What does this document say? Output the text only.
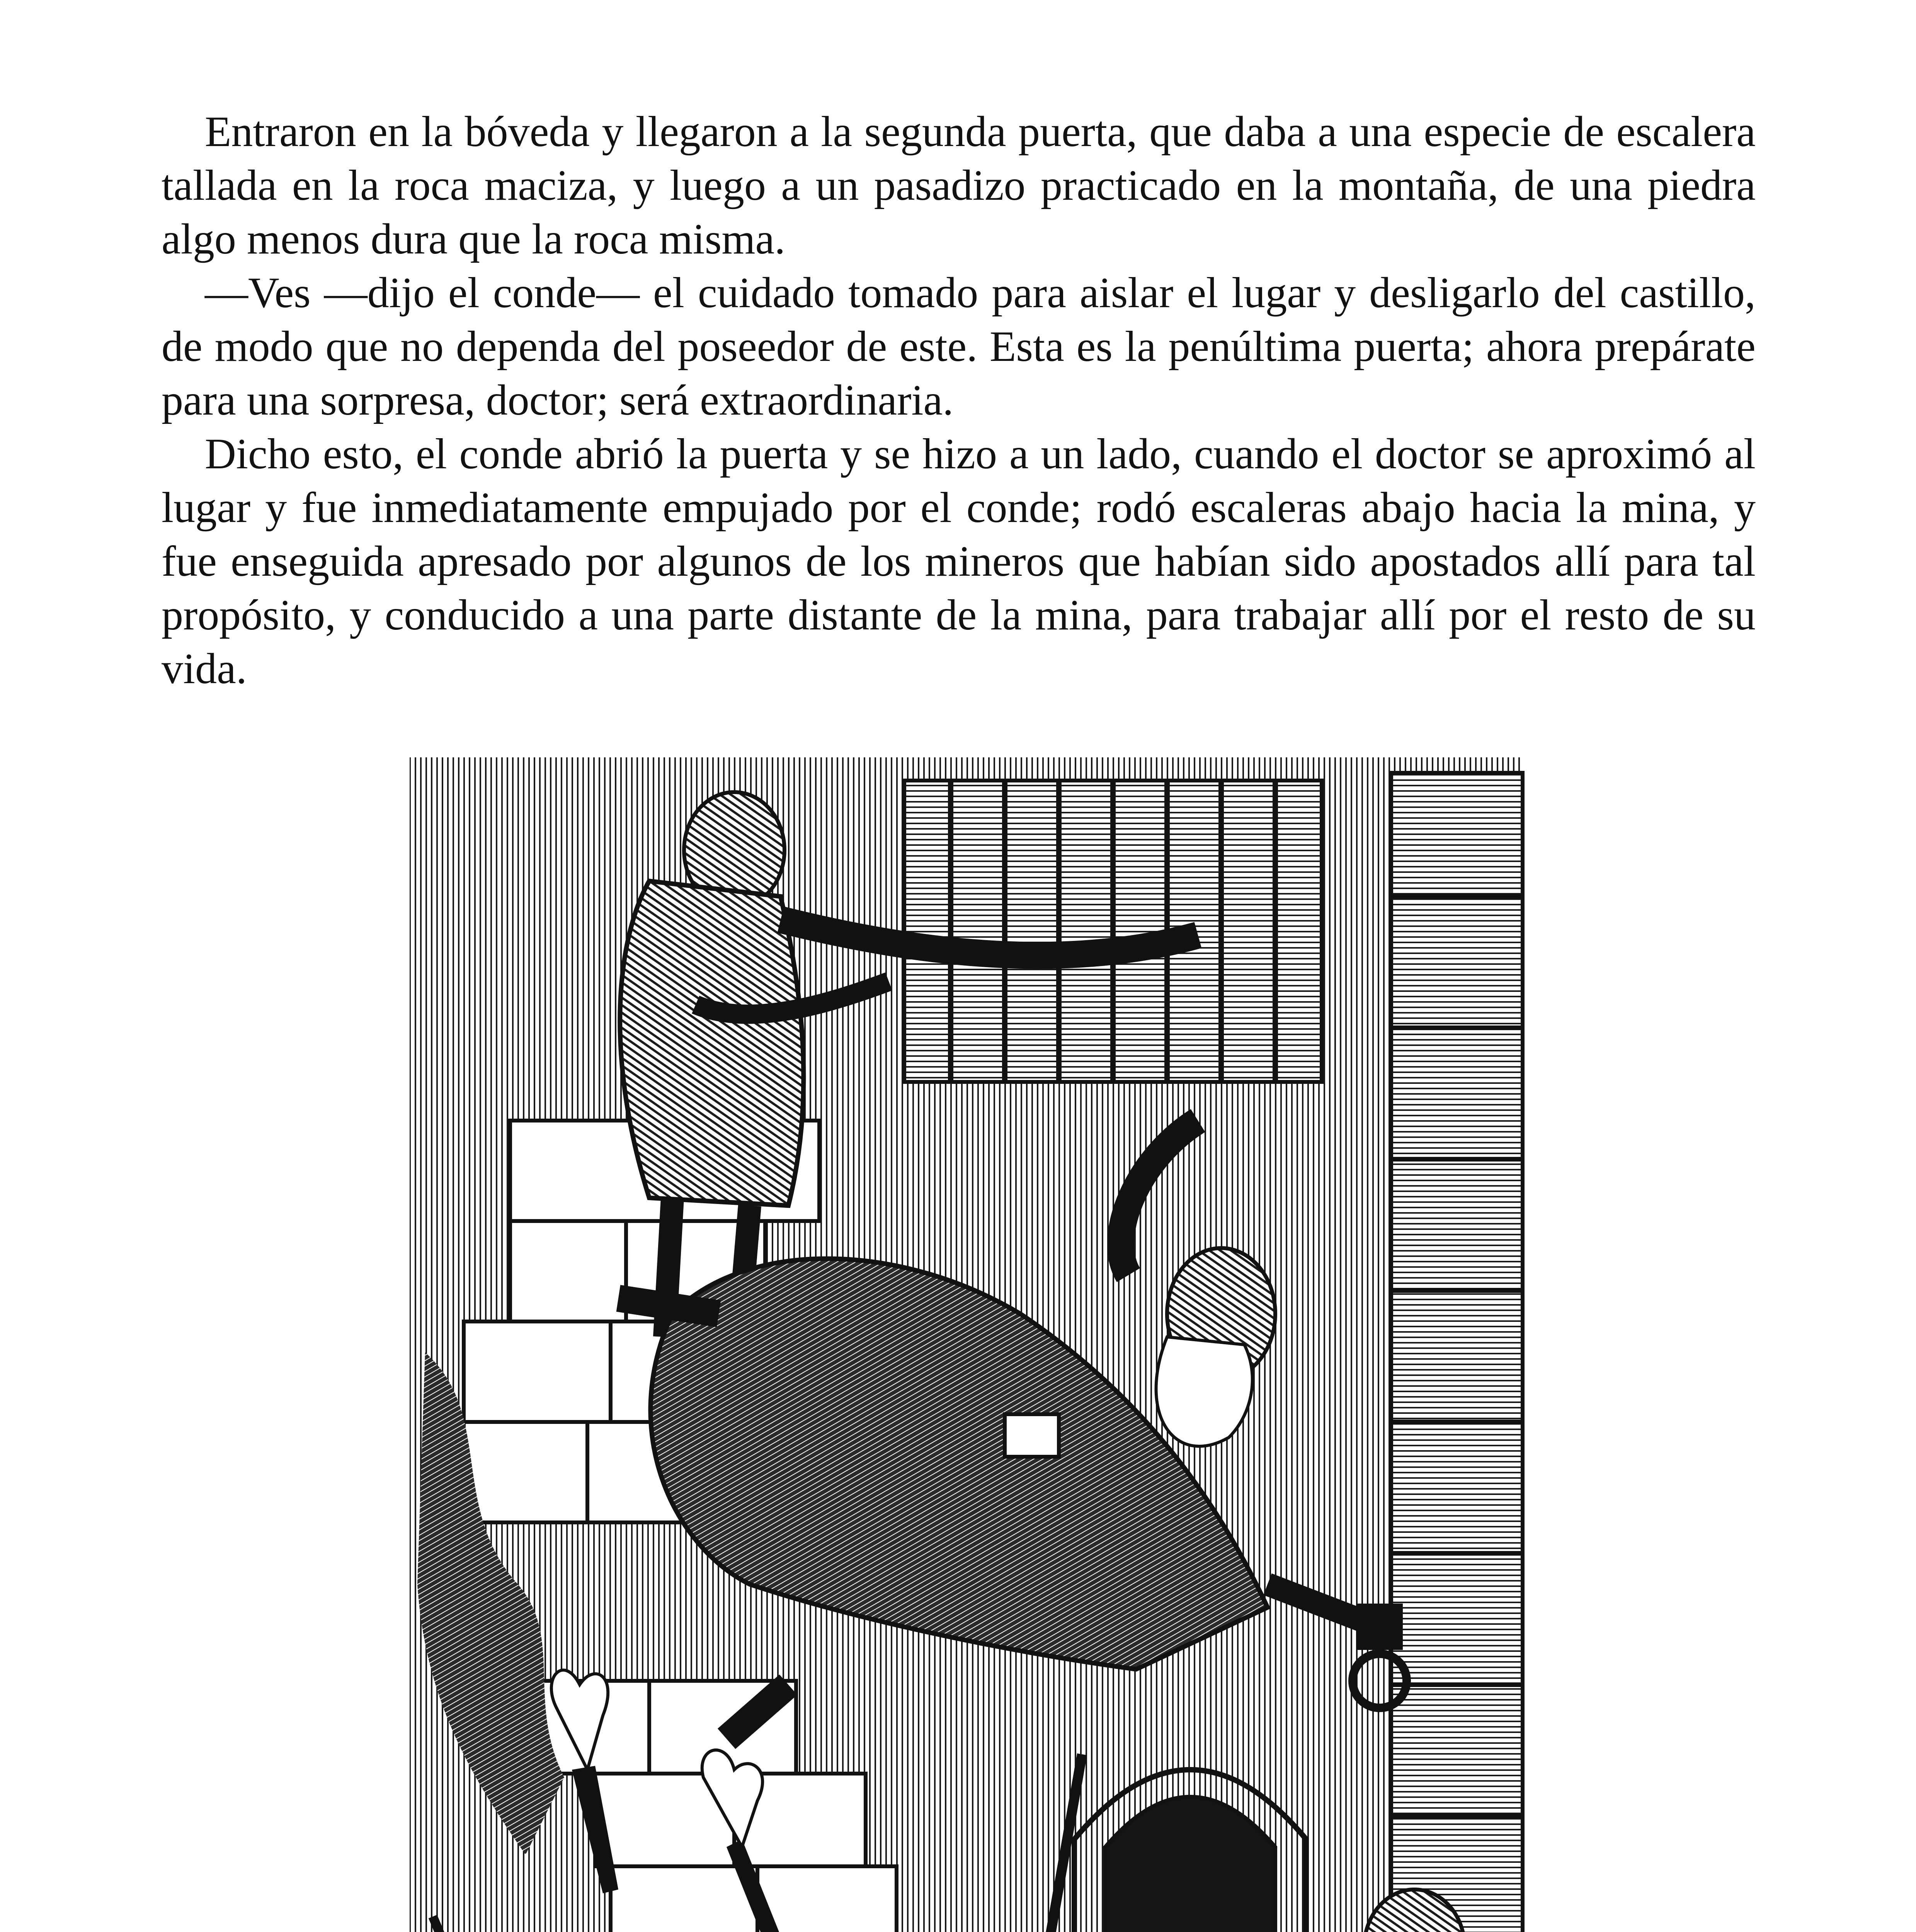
Entraron en la bóveda y llegaron a la segunda puerta, que daba a una especie de escalera tallada en la roca maciza, y luego a un pasadizo practicado en la montaña, de una piedra algo menos dura que la roca misma.

—Ves —dijo el conde— el cuidado tomado para aislar el lugar y desligarlo del castillo, de modo que no dependa del poseedor de este. Esta es la penúltima puerta; ahora prepárate para una sorpresa, doctor; será extraordinaria.

Dicho esto, el conde abrió la puerta y se hizo a un lado, cuando el doctor se aproximó al lugar y fue inmediatamente empujado por el conde; rodó escaleras abajo hacia la mina, y fue enseguida apresado por algunos de los mineros que habían sido apostados allí para tal propósito, y conducido a una parte distante de la mina, para trabajar allí por el resto de su vida.
